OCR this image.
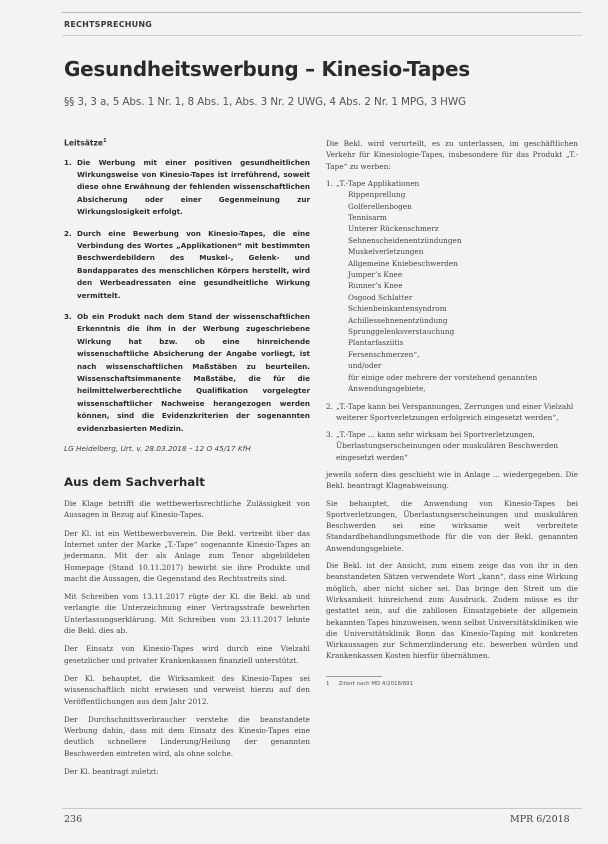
RECHTSPRECHUNG
Gesundheitswerbung – Kinesio-Tapes
§§ 3, 3 a, 5 Abs. 1 Nr. 1, 8 Abs. 1, Abs. 3 Nr. 2 UWG, 4 Abs. 2 Nr. 1 MPG, 3 HWG
Leitsätze$^1$
1. Die Werbung mit einer positiven gesundheitlichen Wirkungsweise von Kinesio-Tapes ist irreführend, soweit diese ohne Erwähnung der fehlenden wissenschaftlichen Absicherung oder einer Gegenmeinung zur Wirkungslosigkeit erfolgt.
2. Durch eine Bewerbung von Kinesio-Tapes, die eine Verbindung des Wortes „Applikationen“ mit bestimmten Beschwerdebildern des Muskel-, Gelenk- und Bandapparates des menschlichen Körpers herstellt, wird den Werbeadressaten eine gesundheitliche Wirkung vermittelt.
3. Ob ein Produkt nach dem Stand der wissenschaftlichen Erkenntnis die ihm in der Werbung zugeschriebene Wirkung hat bzw. ob eine hinreichende wissenschaftliche Absicherung der Angabe vorliegt, ist nach wissenschaftlichen Maßstäben zu beurteilen. Wissenschaftsimmanente Maßstäbe, die für die heilmittelwerberechtliche Qualifikation vorgelegter wissenschaftlicher Nachweise herangezogen werden können, sind die Evidenzkriterien der sogenannten evidenzbasierten Medizin.
LG Heidelberg, Urt. v. 28.03.2018 – 12 O 45/17 KfH
Aus dem Sachverhalt

Die Klage betrifft die wettbewerbsrechtliche Zulässigkeit von Aussagen in Bezug auf Kinesio-Tapes.

Der Kl. ist ein Wettbewerbsverein. Die Bekl. vertreibt über das Internet unter der Marke „T.-Tape“ sogenannte Kinesio-Tapes an jedermann. Mit der als Anlage zum Tenor abgebildeten Homepage (Stand 10.11.2017) bewirbt sie ihre Produkte und macht die Aussagen, die Gegenstand des Rechtsstreits sind.

Mit Schreiben vom 13.11.2017 rügte der Kl. die Bekl. ab und verlangte die Unterzeichnung einer Vertragsstrafe bewehrten Unterlassungserklärung. Mit Schreiben vom 23.11.2017 lehnte die Bekl. dies ab.

Der Einsatz von Kinesio-Tapes wird durch eine Vielzahl gesetzlicher und privater Krankenkassen finanziell unterstützt.

Der Kl. behauptet, die Wirksamkeit des Kinesio-Tapes sei wissenschaftlich nicht erwiesen und verweist hierzu auf den Veröffentlichungen aus dem Jahr 2012.

Der Durchschnittsverbraucher verstehe die beanstandete Werbung dahin, dass mit dem Einsatz des Kinesio-Tapes eine deutlich schnellere Linderung/Heilung der genannten Beschwerden eintreten wird, als ohne solche.

Der Kl. beantragt zuletzt:

Die Bekl. wird verurteilt, es zu unterlassen, im geschäftlichen Verkehr für Kinesiologie-Tapes, insbesondere für das Produkt „T.-Tape“ zu werben:

1. „T.-Tape Applikationen
Rippenprellung
Golferellenbogen
Tennisarm
Unterer Rückenschmerz
Sehnenscheidenentzündungen
Muskelverletzungen
Allgemeine Kniebeschwerden
Jumper’s Knee
Runner’s Knee
Osgood Schlatter
Schienbeinkantensyndrom
Achillessehnenentzündung
Sprunggelenksverstauchung
Plantarfasziitis
Fersenschmerzen“,
und/oder
für einige oder mehrere der vorstehend genannten Anwendungsgebiete,
2. „T.-Tape kann bei Verspannungen, Zerrungen und einer Vielzahl weiterer Sportverletzungen erfolgreich eingesetzt werden“,
3. „T.-Tape ... kann sehr wirksam bei Sportverletzungen, Überlastungserscheinungen oder muskulären Beschwerden eingesetzt werden“

jeweils sofern dies geschieht wie in Anlage ... wiedergegeben. Die Bekl. beantragt Klageabweisung.

Sie behauptet, die Anwendung von Kinesio-Tapes bei Sportverletzungen, Überlastungserscheinungen und muskulären Beschwerden sei eine wirksame weit verbreitete Standardbehandlungsmethode für die von der Bekl. genannten Anwendungsgebiete.

Die Bekl. ist der Ansicht, zum einem zeige das von ihr in den beanstandeten Sätzen verwendete Wort „kann“, dass eine Wirkung möglich, aber nicht sicher sei. Das bringe den Streit um die Wirksamkeit hinreichend zum Ausdruck. Zudem müsse es ihr gestattet sein, auf die zahllosen Einsatzgebiete der allgemein bekannten Tapes hinzuweisen, wenn selbst Universitätskliniken wie die Universitätsklinik Bonn das Kinesio-Taping mit konkreten Wirkaussagen zur Schmerzlinderung etc. bewerben würden und Krankenkassen Kosten hierfür übernähmen.

1 Zitiert nach MD 4/2018/891
236	MPR 6/2018
